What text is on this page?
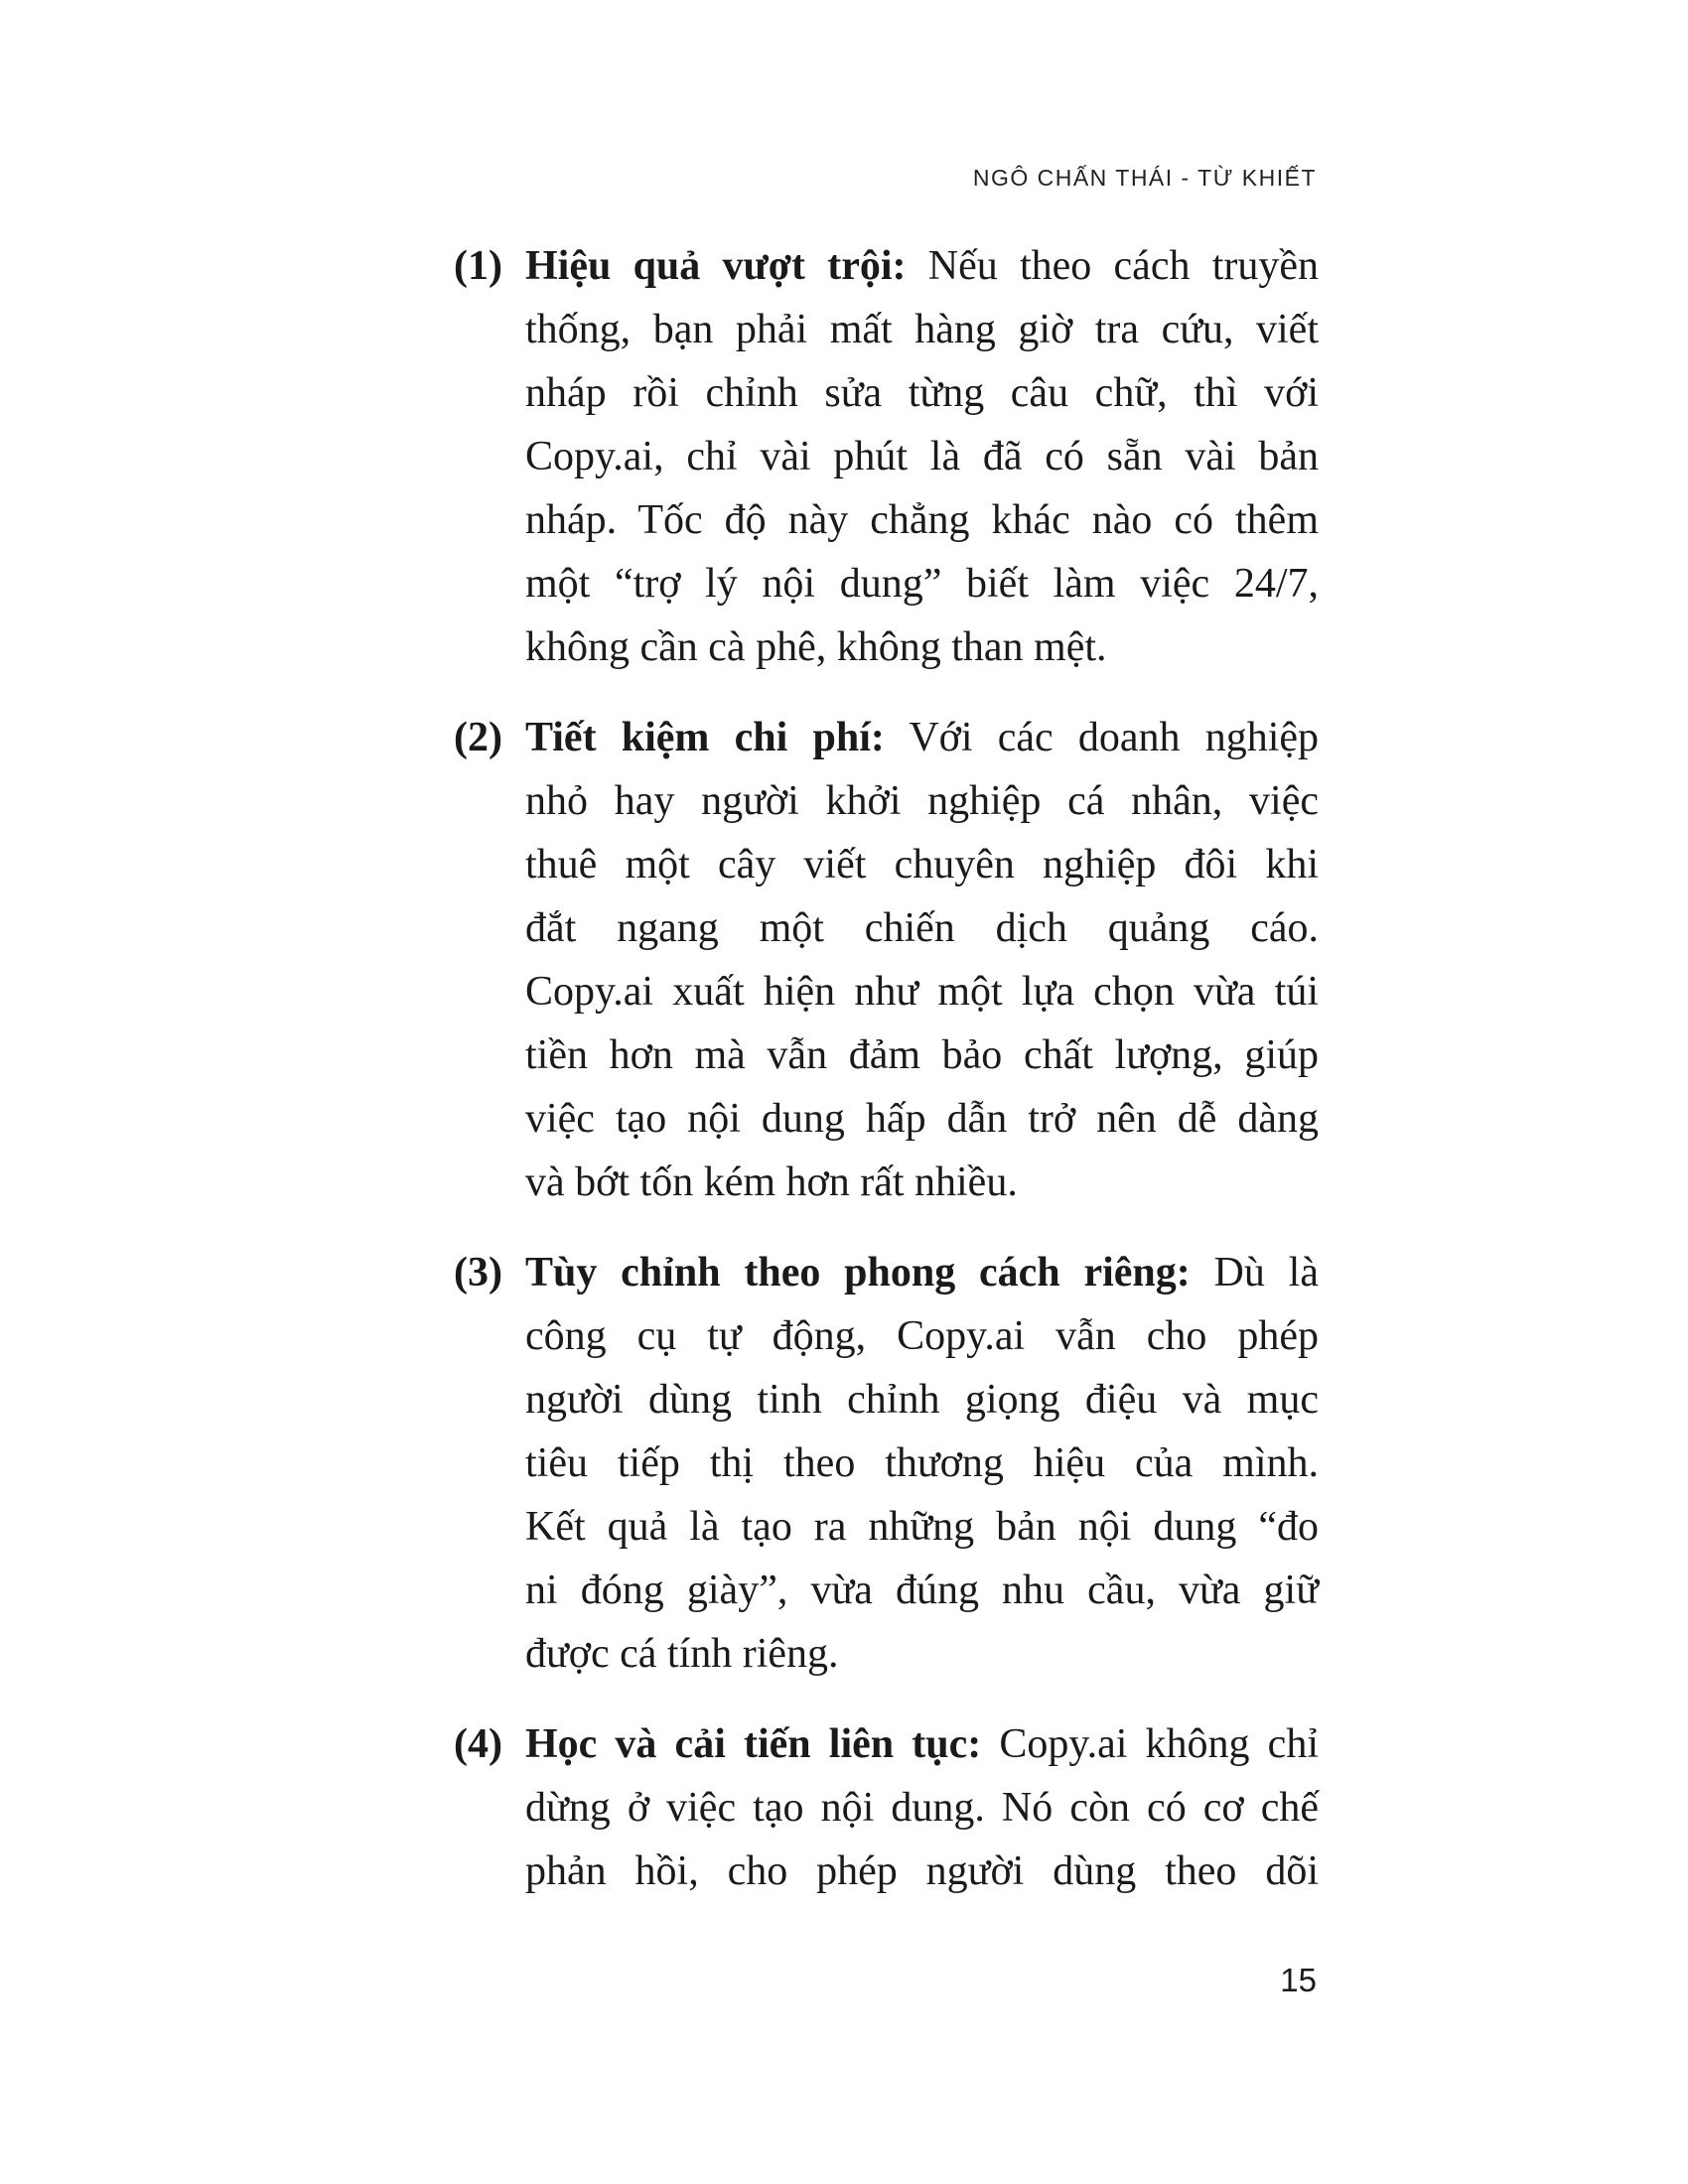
NGÔ CHẤN THÁI - TỪ KHIẾT
(1) Hiệu quả vượt trội: Nếu theo cách truyền
thống, bạn phải mất hàng giờ tra cứu, viết
nháp rồi chỉnh sửa từng câu chữ, thì với
Copy.ai, chỉ vài phút là đã có sẵn vài bản
nháp. Tốc độ này chẳng khác nào có thêm
một “trợ lý nội dung” biết làm việc 24/7,
không cần cà phê, không than mệt.

(2) Tiết kiệm chi phí: Với các doanh nghiệp
nhỏ hay người khởi nghiệp cá nhân, việc
thuê một cây viết chuyên nghiệp đôi khi
đắt ngang một chiến dịch quảng cáo.
Copy.ai xuất hiện như một lựa chọn vừa túi
tiền hơn mà vẫn đảm bảo chất lượng, giúp
việc tạo nội dung hấp dẫn trở nên dễ dàng
và bớt tốn kém hơn rất nhiều.

(3) Tùy chỉnh theo phong cách riêng: Dù là
công cụ tự động, Copy.ai vẫn cho phép
người dùng tinh chỉnh giọng điệu và mục
tiêu tiếp thị theo thương hiệu của mình.
Kết quả là tạo ra những bản nội dung “đo
ni đóng giày”, vừa đúng nhu cầu, vừa giữ
được cá tính riêng.

(4) Học và cải tiến liên tục: Copy.ai không chỉ
dừng ở việc tạo nội dung. Nó còn có cơ chế
phản hồi, cho phép người dùng theo dõi

15
